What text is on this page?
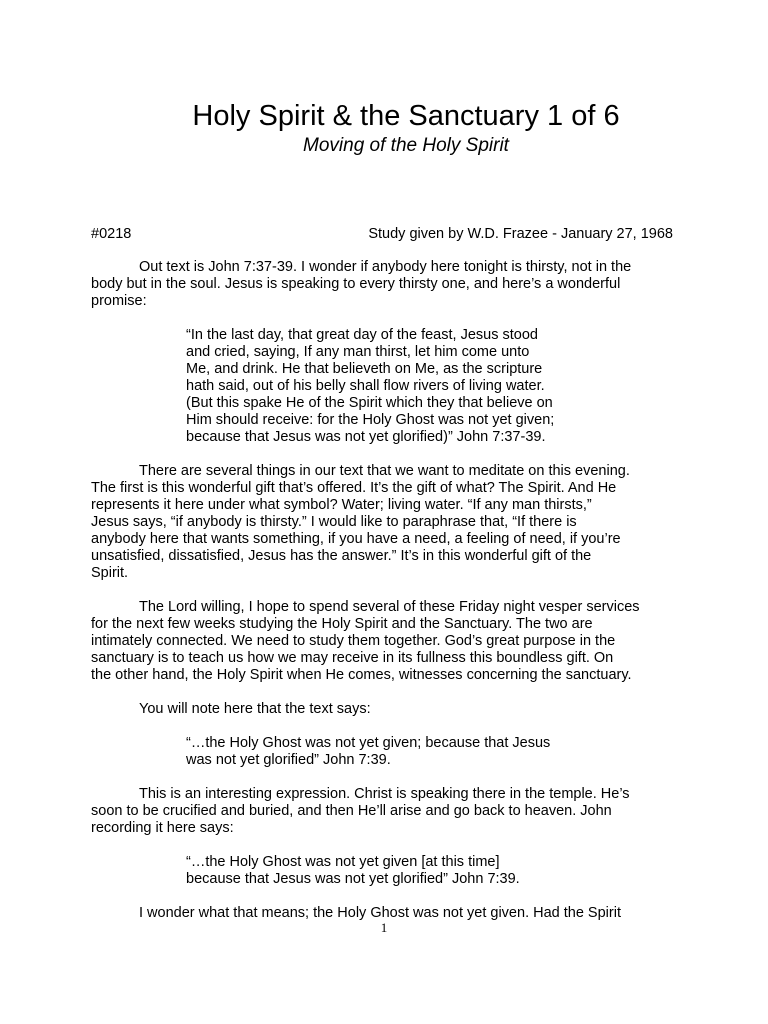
Holy Spirit & the Sanctuary 1 of 6
Moving of the Holy Spirit
#0218	Study given by W.D. Frazee - January 27, 1968

Out text is John 7:37-39. I wonder if anybody here tonight is thirsty, not in the
body but in the soul. Jesus is speaking to every thirsty one, and here’s a wonderful
promise:

“In the last day, that great day of the feast, Jesus stood
and cried, saying, If any man thirst, let him come unto
Me, and drink. He that believeth on Me, as the scripture
hath said, out of his belly shall flow rivers of living water.
(But this spake He of the Spirit which they that believe on
Him should receive: for the Holy Ghost was not yet given;
because that Jesus was not yet glorified)” John 7:37-39.

There are several things in our text that we want to meditate on this evening.
The first is this wonderful gift that’s offered. It’s the gift of what? The Spirit. And He
represents it here under what symbol? Water; living water. “If any man thirsts,”
Jesus says, “if anybody is thirsty.” I would like to paraphrase that, “If there is
anybody here that wants something, if you have a need, a feeling of need, if you’re
unsatisfied, dissatisfied, Jesus has the answer.” It’s in this wonderful gift of the
Spirit.

The Lord willing, I hope to spend several of these Friday night vesper services
for the next few weeks studying the Holy Spirit and the Sanctuary. The two are
intimately connected. We need to study them together. God’s great purpose in the
sanctuary is to teach us how we may receive in its fullness this boundless gift. On
the other hand, the Holy Spirit when He comes, witnesses concerning the sanctuary.

You will note here that the text says:

“…the Holy Ghost was not yet given; because that Jesus
was not yet glorified” John 7:39.

This is an interesting expression. Christ is speaking there in the temple. He’s
soon to be crucified and buried, and then He’ll arise and go back to heaven. John
recording it here says:

“…the Holy Ghost was not yet given [at this time]
because that Jesus was not yet glorified” John 7:39.

I wonder what that means; the Holy Ghost was not yet given. Had the Spirit

1
